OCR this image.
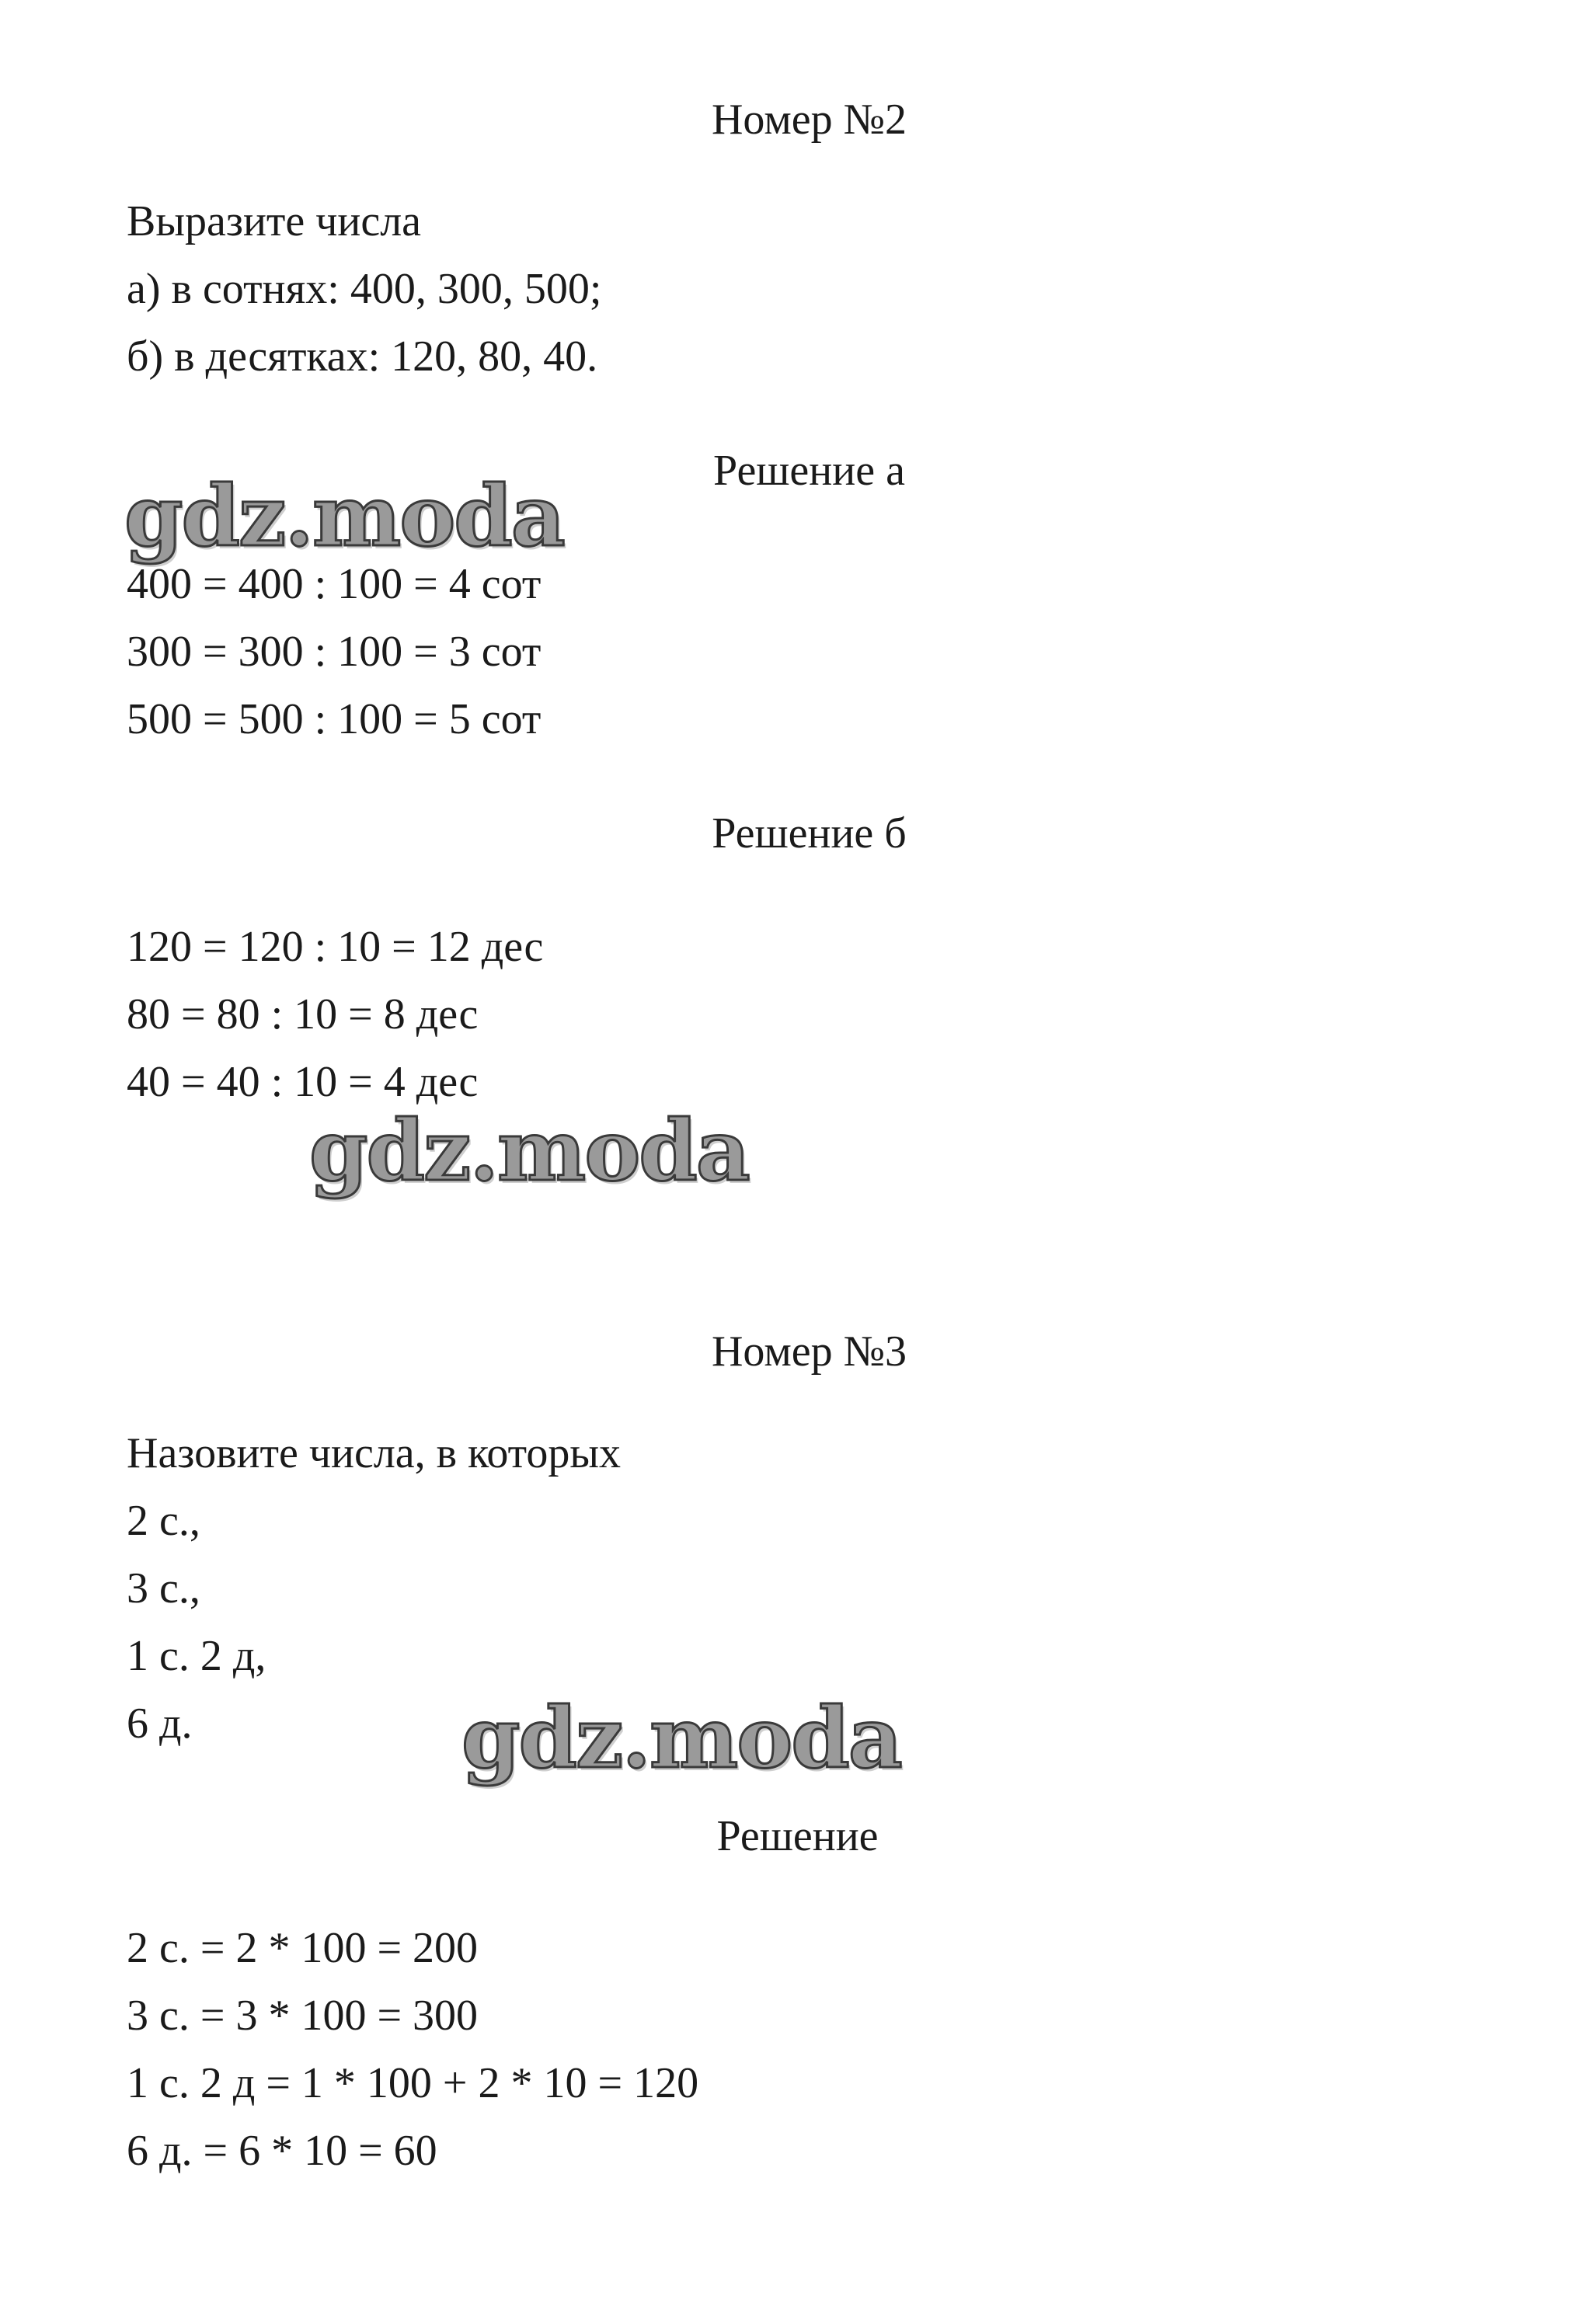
Номер №2
Выразите числа
а) в сотнях: 400, 300, 500;
б) в десятках: 120, 80, 40.
Решение а
gdz.moda
400 = 400 : 100 = 4 сот
300 = 300 : 100 = 3 сот
500 = 500 : 100 = 5 сот
Решение б
120 = 120 : 10 = 12 дес
80 = 80 : 10 = 8 дес
40 = 40 : 10 = 4 дес
gdz.moda
Номер №3
Назовите числа, в которых
2 с.,
3 с.,
1 с. 2 д,
6 д.	gdz.moda
Решение
2 с. = 2 * 100 = 200
3 с. = 3 * 100 = 300
1 с. 2 д = 1 * 100 + 2 * 10 = 120
6 д. = 6 * 10 = 60
